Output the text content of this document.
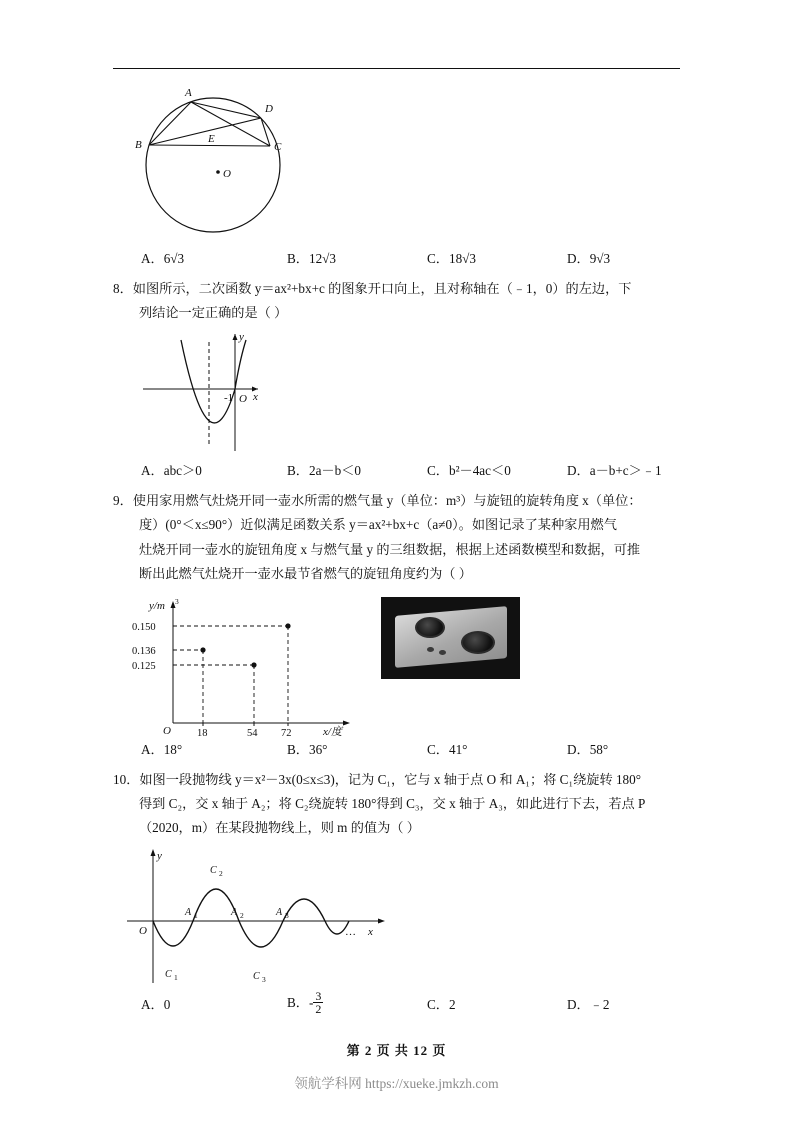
A
D
B	E
C
O
A．6√3	B．12√3	C．18√3	D．9√3
8．如图所示，二次函数 y＝ax²+bx+c 的图象开口向上，且对称轴在（﹣1，0）的左边，下
列结论一定正确的是（ ）
y
x
-1 O
A．abc＞0	B．2a－b＜0	C．b²－4ac＜0	D．a－b+c＞﹣1
9．使用家用燃气灶烧开同一壶水所需的燃气量 y（单位：m³）与旋钮的旋转角度 x（单位：
度）(0°＜x≤90°）近似满足函数关系 y＝ax²+bx+c（a≠0）。如图记录了某种家用燃气
灶烧开同一壶水的旋钮角度 x 与燃气量 y 的三组数据，根据上述函数模型和数据，可推
断出此燃气灶烧开一壶水最节省燃气的旋钮角度约为（ ）
y/m 3
x/度
O
0.150
0.136
0.125
18	54 72
A．18°	B．36°	C．41°	D．58°
10．如图一段抛物线 y＝x²－3x(0≤x≤3)，记为 C₁，它与 x 轴于点 O 和 A₁；将 C₁绕旋转 180°
得到 C₂，交 x 轴于 A₂；将 C₂绕旋转 180°得到 C₃，交 x 轴于 A₃，如此进行下去，若点 P
（2020，m）在某段抛物线上，则 m 的值为（ ）
y
x
O
A 1	A 2	A 3
C 1
C 2
C 3
…
A．0	B．- $\frac{3}{2}$	C．2	D．﹣2
第 2 页 共 12 页
领航学科网 https://xueke.jmkzh.com
